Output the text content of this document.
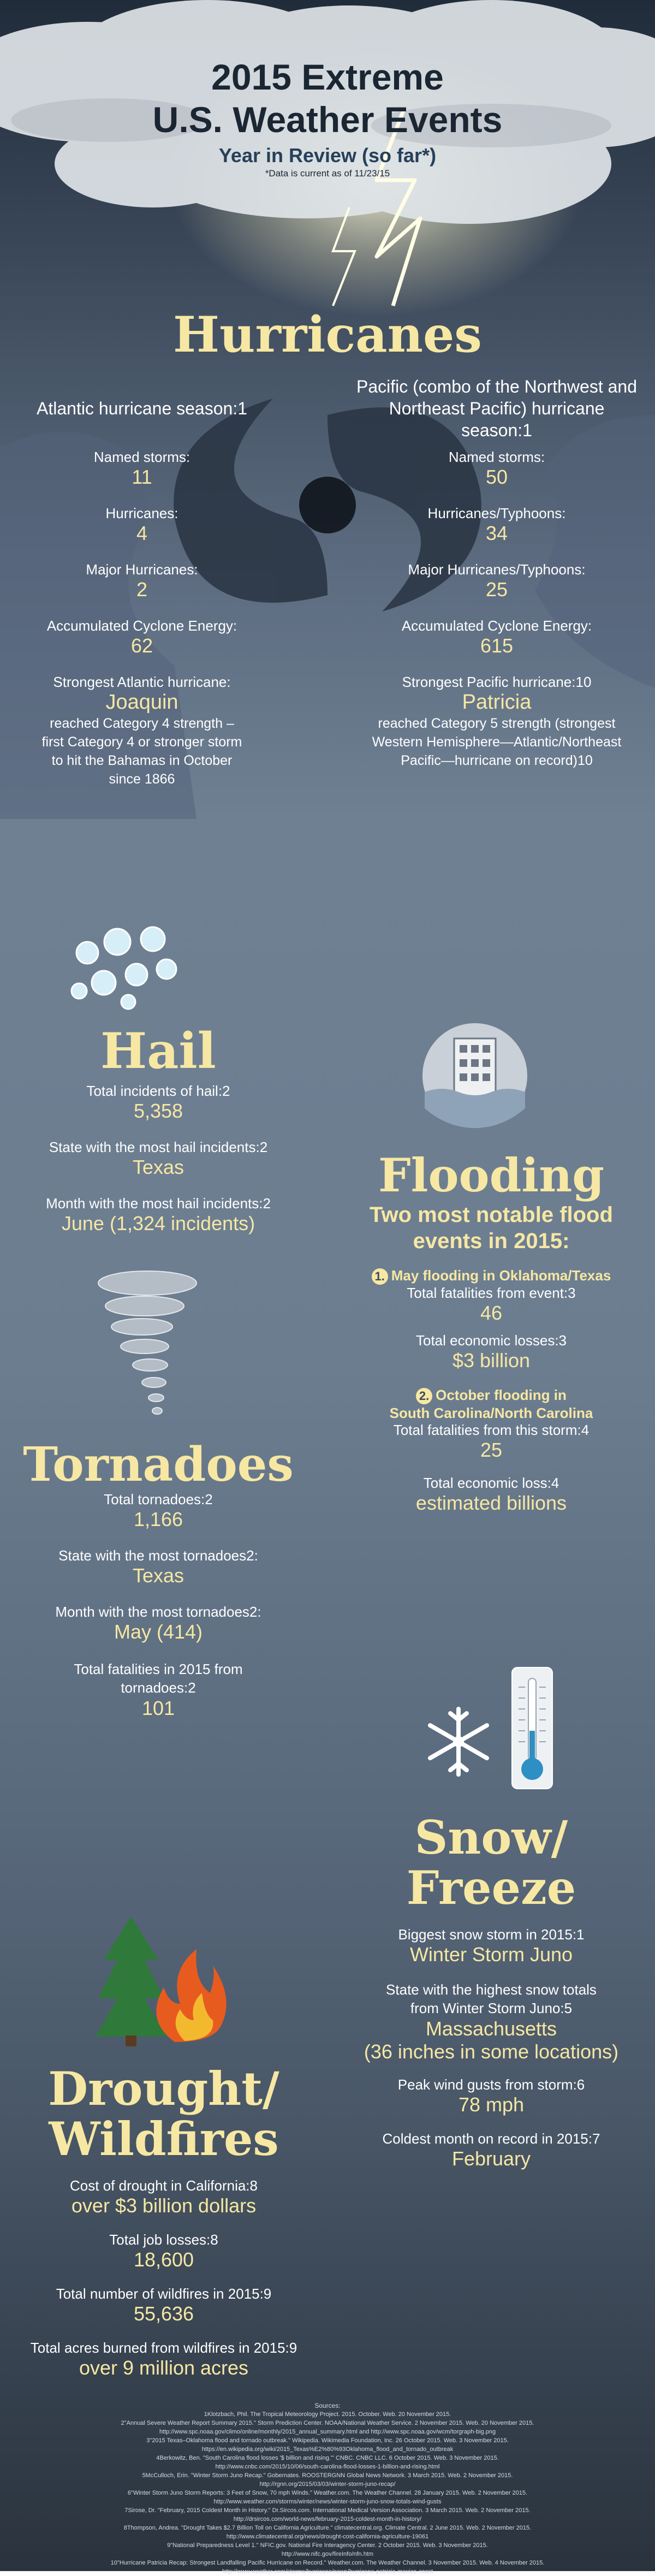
2015 Extreme
U.S. Weather Events
Year in Review (so far*)
*Data is current as of 11/23/15
Hurricanes
Atlantic hurricane season:1
Named storms:
11
Hurricanes:
4
Major Hurricanes:
2
Accumulated Cyclone Energy:
62
Strongest Atlantic hurricane:
Joaquin
reached Category 4 strength – first Category 4 or stronger storm to hit the Bahamas in October since 1866
Pacific (combo of the Northwest and Northeast Pacific) hurricane season:1
Named storms:
50
Hurricanes/Typhoons:
34
Major Hurricanes/Typhoons:
25
Accumulated Cyclone Energy:
615
Strongest Pacific hurricane:10
Patricia
reached Category 5 strength (strongest Western Hemisphere—Atlantic/Northeast Pacific—hurricane on record)10
Hail
Total incidents of hail:2
5,358
State with the most hail incidents:2
Texas
Month with the most hail incidents:2
June (1,324 incidents)
Flooding
Two most notable flood events in 2015:
1. May flooding in Oklahoma/Texas
Total fatalities from event:3
46
Total economic losses:3
$3 billion
2. October flooding in
South Carolina/North Carolina
Total fatalities from this storm:4
25
Total economic loss:4
estimated billions
Tornadoes
Total tornadoes:2
1,166
State with the most tornadoes2:
Texas
Month with the most tornadoes2:
May (414)
Total fatalities in 2015 from tornadoes:2
101
Snow/
Freeze
Biggest snow storm in 2015:1
Winter Storm Juno
State with the highest snow totals from Winter Storm Juno:5
Massachusetts
(36 inches in some locations)
Peak wind gusts from storm:6
78 mph
Coldest month on record in 2015:7
February
Drought/
Wildfires
Cost of drought in California:8
over $3 billion dollars
Total job losses:8
18,600
Total number of wildfires in 2015:9
55,636
Total acres burned from wildfires in 2015:9
over 9 million acres
Sources:
1Klotzbach, Phil. The Tropical Meteorology Project. 2015. October. Web. 20 November 2015.
2"Annual Severe Weather Report Summary 2015." Storm Prediction Center. NOAA/National Weather Service. 2 November 2015. Web. 20 November 2015.
http://www.spc.noaa.gov/climo/online/monthly/2015_annual_summary.html and http://www.spc.noaa.gov/wcm/torgraph-big.png
3"2015 Texas–Oklahoma flood and tornado outbreak." Wikipedia. Wikimedia Foundation, Inc. 26 October 2015. Web. 3 November 2015.
https://en.wikipedia.org/wiki/2015_Texas%E2%80%93Oklahoma_flood_and_tornado_outbreak
4Berkowitz, Ben. "South Carolina flood losses '$ billion and rising.'" CNBC. CNBC LLC. 6 October 2015. Web. 3 November 2015.
http://www.cnbc.com/2015/10/06/south-carolina-flood-losses-1-billion-and-rising.html
5McCulloch, Erin. "Winter Storm Juno Recap." Gobernates. ROOSTERGNN Global News Network. 3 March 2015. Web. 2 November 2015.
http://rgnn.org/2015/03/03/winter-storm-juno-recap/
6"Winter Storm Juno Storm Reports: 3 Feet of Snow, 70 mph Winds." Weather.com. The Weather Channel. 28 January 2015. Web. 2 November 2015.
http://www.weather.com/storms/winter/news/winter-storm-juno-snow-totals-wind-gusts
7Sirose, Dr. "February, 2015 Coldest Month in History." Dr.Sircos.com. International Medical Version Association. 3 March 2015. Web. 2 November 2015.
http://drsircos.com/world-news/february-2015-coldest-month-in-history/
8Thompson, Andrea. "Drought Takes $2.7 Billion Toll on California Agriculture." climatecentral.org. Climate Central. 2 June 2015. Web. 2 November 2015.
http://www.climatecentral.org/news/drought-cost-california-agriculture-19061
9"National Preparedness Level 1." NFIC.gov. National Fire Interagency Center. 2 October 2015. Web. 3 November 2015.
http://www.nifc.gov/fireInfo/nfn.htm
10"Hurricane Patricia Recap: Strongest Landfalling Pacific Hurricane on Record." Weather.com. The Weather Channel. 3 November 2015. Web. 4 November 2015.
http://www.weather.com/storms/hurricane/news/hurricane-patricia-mexico-coast
